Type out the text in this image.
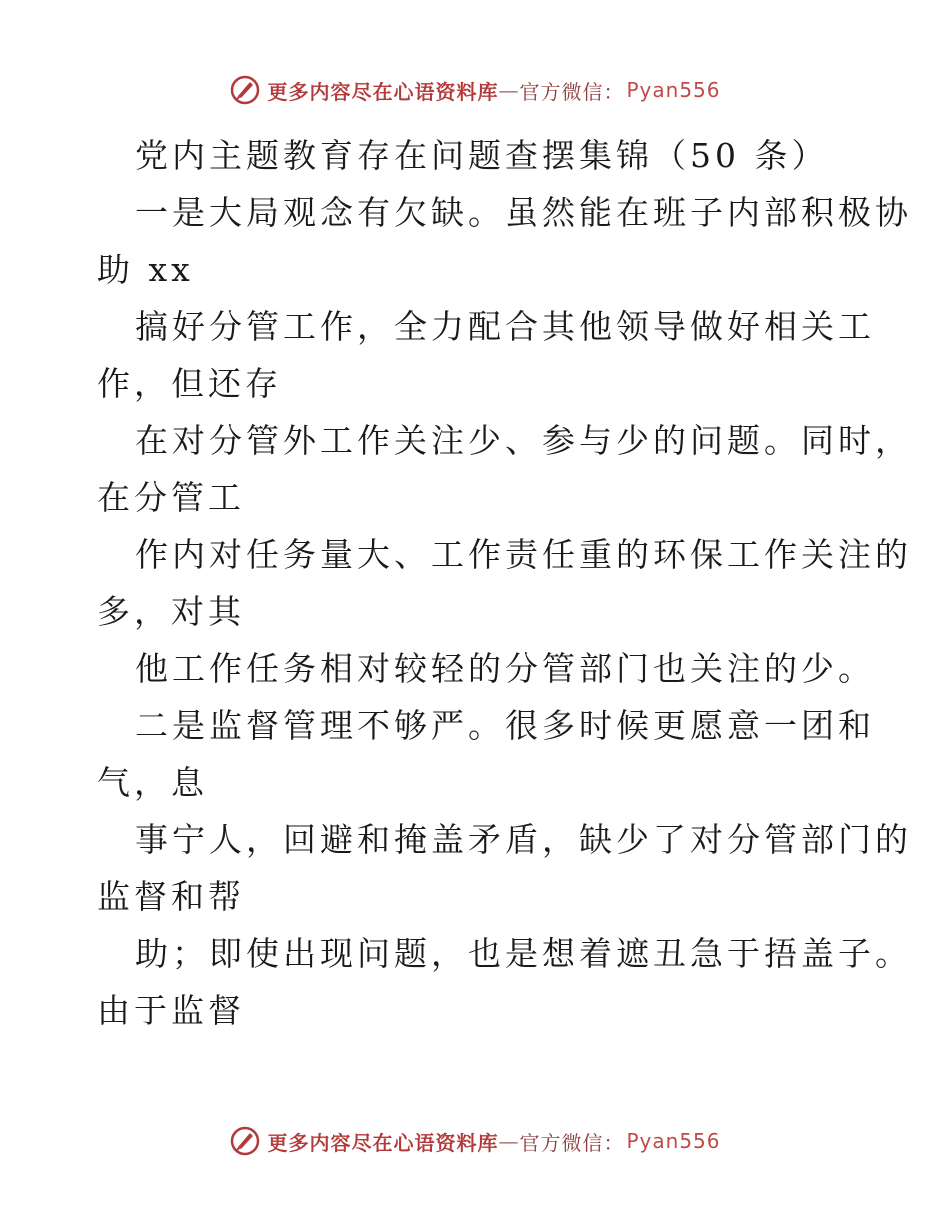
更多内容尽在心语资料库 — 官方微信： Pyan556
党内主题教育存在问题查摆集锦（50 条）
一是大局观念有欠缺。虽然能在班子内部积极协
助 xx
搞好分管工作，全力配合其他领导做好相关工
作，但还存
在对分管外工作关注少、参与少的问题。同时，
在分管工
作内对任务量大、工作责任重的环保工作关注的
多，对其
他工作任务相对较轻的分管部门也关注的少。
二是监督管理不够严。很多时候更愿意一团和
气，息
事宁人，回避和掩盖矛盾，缺少了对分管部门的
监督和帮
助；即使出现问题，也是想着遮丑急于捂盖子。
由于监督
更多内容尽在心语资料库 — 官方微信： Pyan556
